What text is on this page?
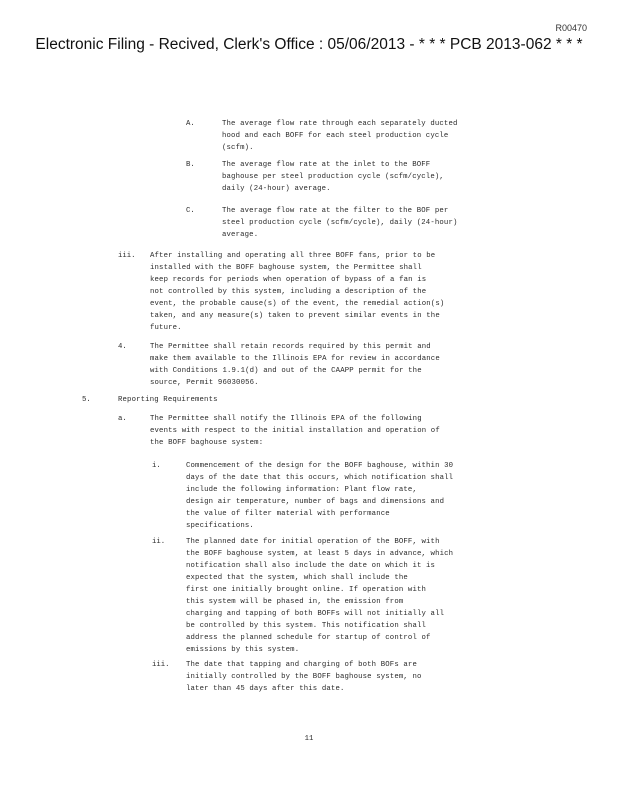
R00470
Electronic Filing - Recived, Clerk's Office : 05/06/2013 - * * * PCB 2013-062 * * *
A.	The average flow rate through each separately ducted
hood and each BOFF for each steel production cycle
(scfm).
B.	The average flow rate at the inlet to the BOFF
baghouse per steel production cycle (scfm/cycle),
daily (24-hour) average.
C.	The average flow rate at the filter to the BOF per
steel production cycle (scfm/cycle), daily (24-hour)
average.
iii. After installing and operating all three BOFF fans, prior to be
installed with the BOFF baghouse system, the Permittee shall
keep records for periods when operation of bypass of a fan is
not controlled by this system, including a description of the
event, the probable cause(s) of the event, the remedial action(s)
taken, and any measure(s) taken to prevent similar events in the
future.
4.	The Permittee shall retain records required by this permit and
make them available to the Illinois EPA for review in accordance
with Conditions 1.9.1(d) and out of the CAAPP permit for the
source, Permit 96030056.
5.	Reporting Requirements
a.	The Permittee shall notify the Illinois EPA of the following
events with respect to the initial installation and operation of
the BOFF baghouse system:
i.	Commencement of the design for the BOFF baghouse, within 30
days of the date that this occurs, which notification shall
include the following information: Plant flow rate,
design air temperature, number of bags and dimensions and
the value of filter material with performance
specifications.
ii.	The planned date for initial operation of the BOFF, with
the BOFF baghouse system, at least 5 days in advance, which
notification shall also include the date on which it is
expected that the system, which shall include the
first one initially brought online. If operation with
this system will be phased in, the emission from
charging and tapping of both BOFFs will not initially all
be controlled by this system. This notification shall
address the planned schedule for startup of control of
emissions by this system.
iii. The date that tapping and charging of both BOFs are
initially controlled by the BOFF baghouse system, no
later than 45 days after this date.
11
